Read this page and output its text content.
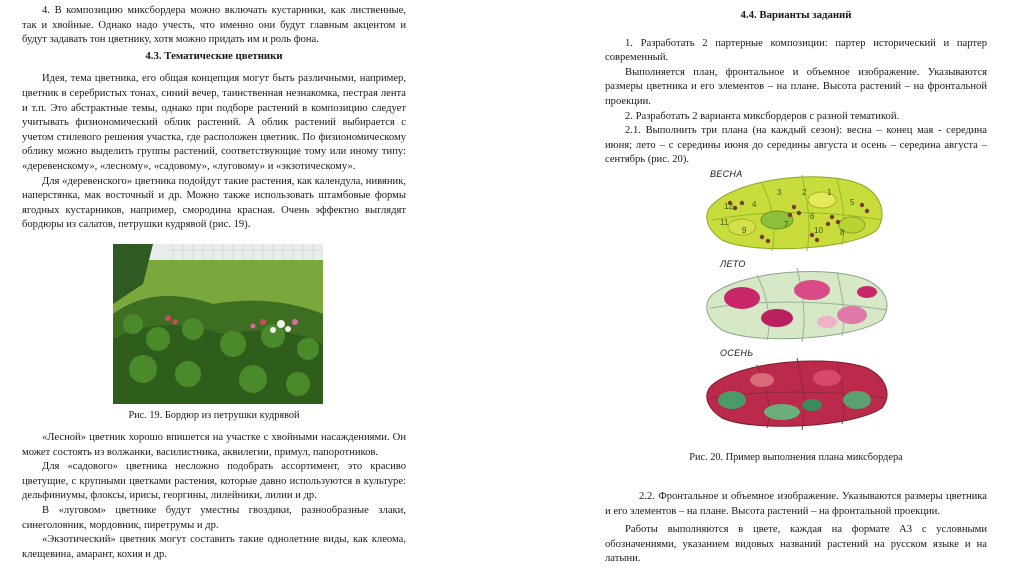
4. В композицию миксбордера можно включать кустарники, как лиственные, так и хвойные. Однако надо учесть, что именно они будут главным акцентом и будут задавать тон цветнику, хотя можно придать им и роль фона.

4.3. Тематические цветники

Идея, тема цветника, его общая концепция могут быть различными, например, цветник в серебристых тонах, синий вечер, таинственная незнакомка, пестрая лента и т.п. Это абстрактные темы, однако при подборе растений в композицию следует учитывать физиономический облик растений. А облик растений выбирается с учетом стилевого решения участка, где расположен цветник. По физиономическому облику можно выделить группы растений, соответствующие тому или иному типу: «деревенскому», «лесному», «садовому», «луговому» и «экзотическому».

Для «деревенского» цветника подойдут такие растения, как календула, нивяник, наперстянка, мак восточный и др. Можно также использовать штамбовые формы ягодных кустарников, например, смородина красная. Очень эффектно выглядят бордюры из салатов, петрушки кудрявой (рис. 19).

Рис. 19. Бордюр из петрушки кудрявой

«Лесной» цветник хорошо впишется на участке с хвойными насаждениями. Он может состоять из волжанки, василистника, аквилегии, примул, папоротников.

Для «садового» цветника несложно подобрать ассортимент, это красиво цветущие, с крупными цветками растения, которые давно используются в культуре: дельфиниумы, флоксы, ирисы, георгины, лилейники, лилии и др.

В «луговом» цветнике будут уместны гвоздики, разнообразные злаки, синеголовник, мордовник, пиретрумы и др.

«Экзотический» цветник могут составить такие однолетние виды, как клеома, клещевина, амарант, кохия и др.

4.4. Варианты заданий

1. Разработать 2 партерные композиции: партер исторический и партер современный.

Выполняется план, фронтальное и объемное изображение. Указываются размеры цветника и его элементов – на плане. Высота растений – на фронтальной проекции.

2. Разработать 2 варианта миксбордеров с разной тематикой.

2.1. Выполнить три плана (на каждый сезон): весна – конец мая - середина июня; лето – с середины июня до середины августа и осень – середина августа – сентябрь (рис. 20).

ВЕСНА
1
2
3
4	5
6
7
8
9	10
11
12
ЛЕТО
ОСЕНЬ
Рис. 20. Пример выполнения плана миксбордера

2.2. Фронтальное и объемное изображение. Указываются размеры цветника и его элементов – на плане. Высота растений – на фронтальной проекции.

Работы выполняются в цвете, каждая на формате А3 с условными обозначениями, указанием видовых названий растений на русском языке и на латыни.
